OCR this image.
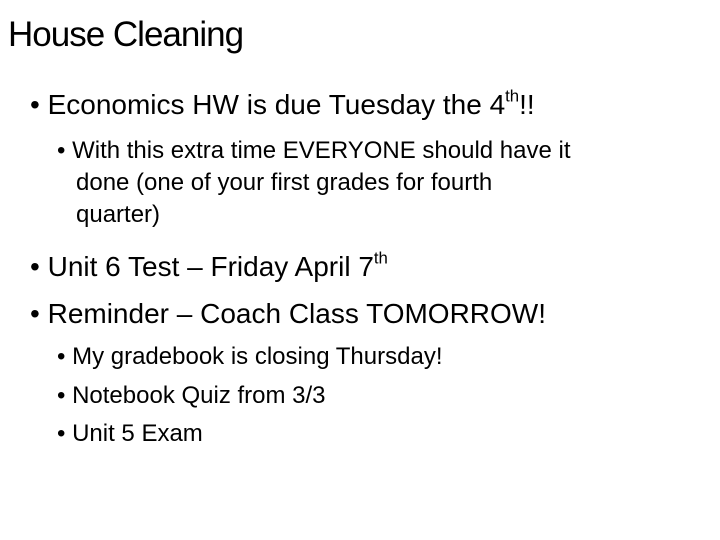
House Cleaning
• Economics HW is due Tuesday the 4th!!
• With this extra time EVERYONE should have it
done (one of your first grades for fourth
quarter)
• Unit 6 Test – Friday April 7th
• Reminder – Coach Class TOMORROW!
• My gradebook is closing Thursday!
• Notebook Quiz from 3/3
• Unit 5 Exam
